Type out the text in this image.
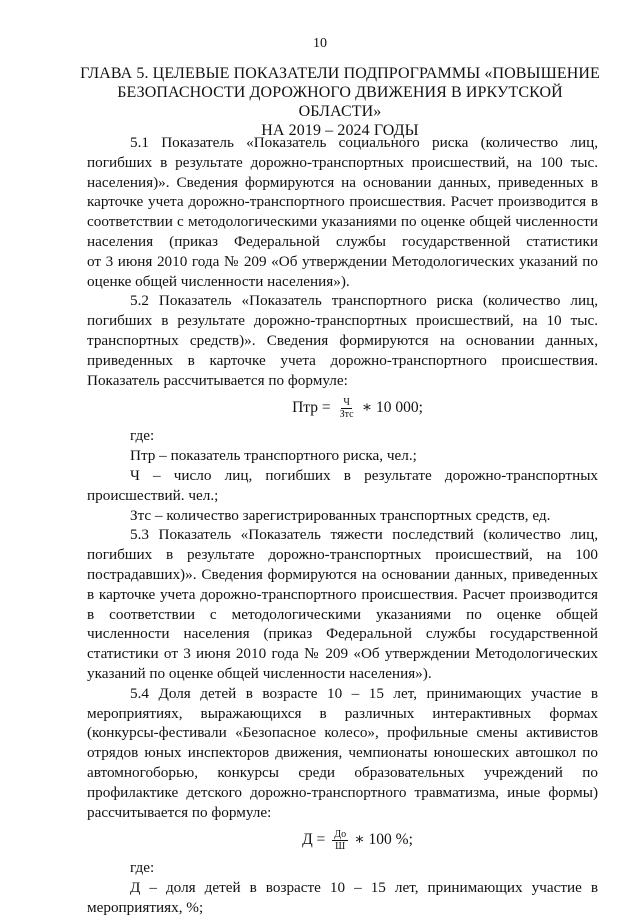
10
ГЛАВА 5. ЦЕЛЕВЫЕ ПОКАЗАТЕЛИ ПОДПРОГРАММЫ «ПОВЫШЕНИЕ
БЕЗОПАСНОСТИ ДОРОЖНОГО ДВИЖЕНИЯ В ИРКУТСКОЙ ОБЛАСТИ»
НА 2019 – 2024 ГОДЫ
5.1 Показатель «Показатель социального риска (количество лиц,
погибших в результате дорожно-транспортных происшествий, на 100 тыс.
населения)». Сведения формируются на основании данных, приведенных в
карточке учета дорожно-транспортного происшествия. Расчет производится в
соответствии с методологическими указаниями по оценке общей численности
населения (приказ Федеральной службы государственной статистики
от 3 июня 2010 года № 209 «Об утверждении Методологических указаний по
оценке общей численности населения»).
5.2 Показатель «Показатель транспортного риска (количество лиц,
погибших в результате дорожно-транспортных происшествий, на 10 тыс.
транспортных средств)». Сведения формируются на основании данных,
приведенных в карточке учета дорожно-транспортного происшествия.
Показатель рассчитывается по формуле:
Птр = $\frac{Ч}{\text{Зтс}}$ ∗ 10 000;
где:
Птр – показатель транспортного риска, чел.;
Ч – число лиц, погибших в результате дорожно-транспортных
происшествий. чел.;
Зтс – количество зарегистрированных транспортных средств, ед.
5.3 Показатель «Показатель тяжести последствий (количество лиц,
погибших в результате дорожно-транспортных происшествий, на 100
пострадавших)». Сведения формируются на основании данных, приведенных
в карточке учета дорожно-транспортного происшествия. Расчет производится
в соответствии с методологическими указаниями по оценке общей
численности населения (приказ Федеральной службы государственной
статистики от 3 июня 2010 года № 209 «Об утверждении Методологических
указаний по оценке общей численности населения»).
5.4 Доля детей в возрасте 10 – 15 лет, принимающих участие в
мероприятиях, выражающихся в различных интерактивных формах
(конкурсы-фестивали «Безопасное колесо», профильные смены активистов
отрядов юных инспекторов движения, чемпионаты юношеских автошкол по
автомногоборью, конкурсы среди образовательных учреждений по
профилактике детского дорожно-транспортного травматизма, иные формы)
рассчитывается по формуле:
$Д = \frac{До}{Ш}$ ∗ 100 %;
где:
Д – доля детей в возрасте 10 – 15 лет, принимающих участие в
мероприятиях, %;
